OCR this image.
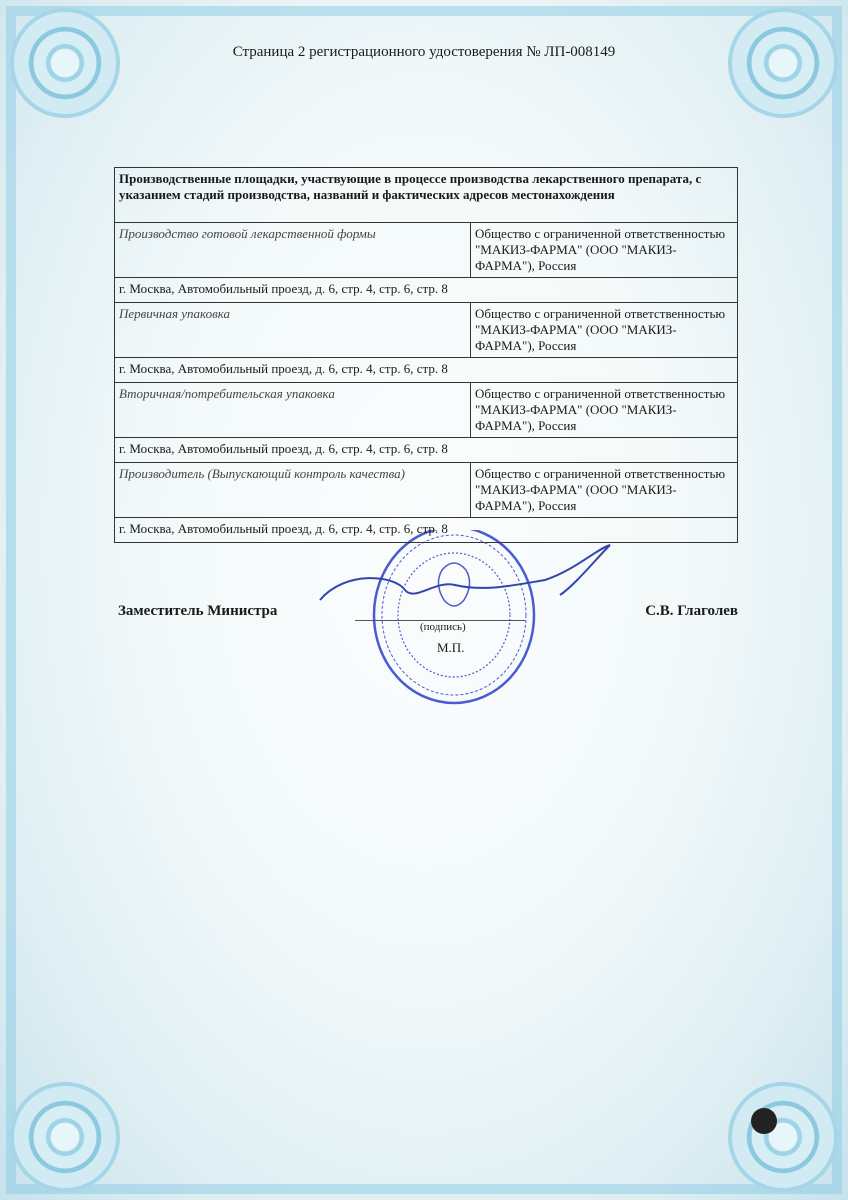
Страница 2 регистрационного удостоверения № ЛП-008149
Производственные площадки, участвующие в процессе производства лекарственного препарата, с указанием стадий производства, названий и фактических адресов местонахождения	
Производство готовой лекарственной формы	Общество с ограниченной ответственностью "МАКИЗ-ФАРМА" (ООО "МАКИЗ-ФАРМА"), Россия
г. Москва, Автомобильный проезд, д. 6, стр. 4, стр. 6, стр. 8	
Первичная упаковка	Общество с ограниченной ответственностью "МАКИЗ-ФАРМА" (ООО "МАКИЗ-ФАРМА"), Россия
г. Москва, Автомобильный проезд, д. 6, стр. 4, стр. 6, стр. 8	
Вторичная/потребительская упаковка	Общество с ограниченной ответственностью "МАКИЗ-ФАРМА" (ООО "МАКИЗ-ФАРМА"), Россия
г. Москва, Автомобильный проезд, д. 6, стр. 4, стр. 6, стр. 8	
Производитель (Выпускающий контроль качества)	Общество с ограниченной ответственностью "МАКИЗ-ФАРМА" (ООО "МАКИЗ-ФАРМА"), Россия
г. Москва, Автомобильный проезд, д. 6, стр. 4, стр. 6, стр. 8	
Заместитель Министра	С.В. Глаголев
(подпись)
М.П.
